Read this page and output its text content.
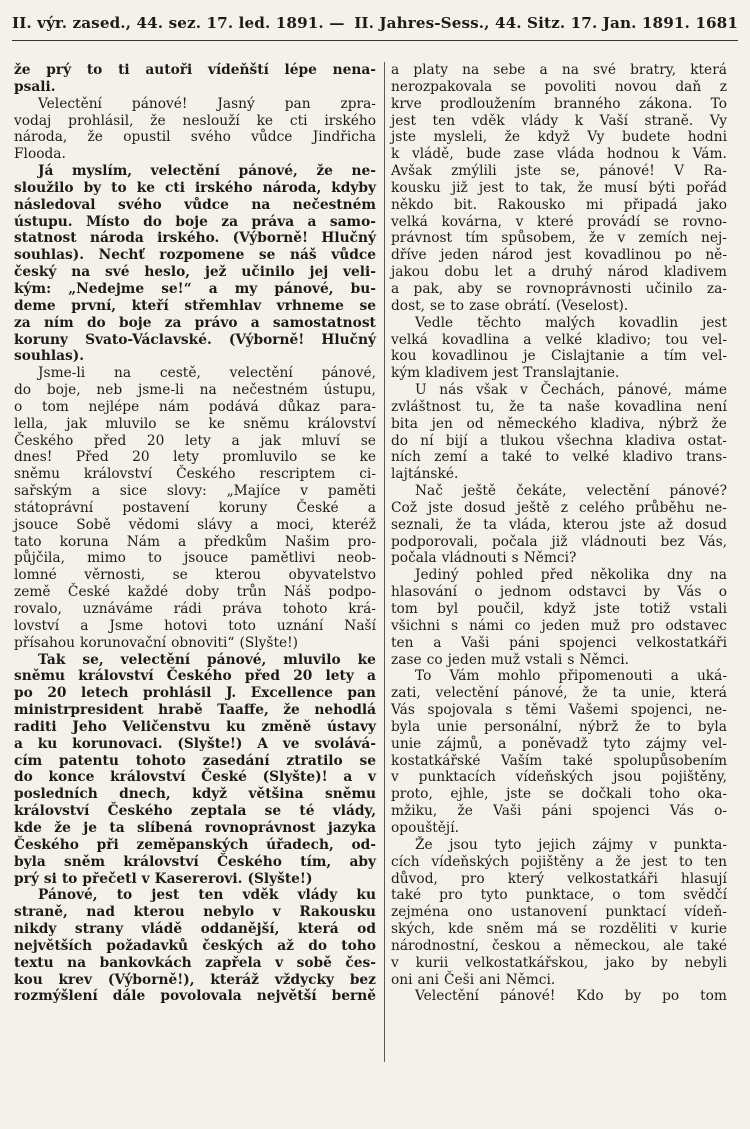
II. výr. zased., 44. sez. 17. led. 1891. — II. Jahres-Sess., 44. Sitz. 17. Jan. 1891. 1681
že prý to ti autoři vídeňští lépe nena-
psali.
Velectění pánové! Jasný pan zpra-
vodaj prohlásil, že neslouží ke cti irského
národa, že opustil svého vůdce Jindřicha
Flooda.
Já myslím, velectění pánové, že ne-
sloužilo by to ke cti irského národa, kdyby
následoval svého vůdce na nečestném
ústupu. Místo do boje za práva a samo-
statnost národa irského. (Výborně! Hlučný
souhlas). Nechť rozpomene se náš vůdce
český na své heslo, jež učinilo jej veli-
kým: „Nedejme se!“ a my pánové, bu-
deme první, kteří střemhlav vrhneme se
za ním do boje za právo a samostatnost
koruny Svato-Václavské. (Výborně! Hlučný
souhlas).
Jsme-li na cestě, velectění pánové,
do boje, neb jsme-li na nečestném ústupu,
o tom nejlépe nám podává důkaz para-
lella, jak mluvilo se ke sněmu království
Českého před 20 lety a jak mluví se
dnes! Před 20 lety promluvilo se ke
sněmu království Českého rescriptem ci-
sařským a sice slovy: „Majíce v paměti
státoprávní postavení koruny České a
jsouce Sobě vědomi slávy a moci, kteréž
tato koruna Nám a předkům Našim pro-
půjčila, mimo to jsouce pamětlivi neob-
lomné věrnosti, se kterou obyvatelstvo
země České každé doby trůn Náš podpo-
rovalo, uznáváme rádi práva tohoto krá-
lovství a Jsme hotovi toto uznání Naší
přísahou korunovační obnoviti“ (Slyšte!)
Tak se, velectění pánové, mluvilo ke
sněmu království Českého před 20 lety a
po 20 letech prohlásil J. Excellence pan
ministrpresident hrabě Taaffe, že nehodlá
raditi Jeho Veličenstvu ku změně ústavy
a ku korunovaci. (Slyšte!) A ve svolává-
cím patentu tohoto zasedání ztratilo se
do konce království České (Slyšte)! a v
posledních dnech, když většina sněmu
království Českého zeptala se té vlády,
kde že je ta slíbená rovnoprávnost jazyka
Českého při zeměpanských úřadech, od-
byla sněm království Českého tím, aby
prý si to přečetl v Kasererovi. (Slyšte!)
Pánové, to jest ten vděk vlády ku
straně, nad kterou nebylo v Rakousku
nikdy strany vládě oddanější, která od
největších požadavků českých až do toho
textu na bankovkách zapřela v sobě čes-
kou krev (Výborně!), kteráž vždycky bez
rozmýšlení dále povolovala největší berně
a platy na sebe a na své bratry, která
nerozpakovala se povoliti novou daň z
krve prodloužením branného zákona. To
jest ten vděk vlády k Vaší straně. Vy
jste mysleli, že když Vy budete hodni
k vládě, bude zase vláda hodnou k Vám.
Avšak zmýlili jste se, pánové! V Ra-
kousku již jest to tak, že musí býti pořád
někdo bit. Rakousko mi připadá jako
velká kovárna, v které provádí se rovno-
právnost tím spůsobem, že v zemích nej-
dříve jeden národ jest kovadlinou po ně-
jakou dobu let a druhý národ kladivem
a pak, aby se rovnoprávnosti učinilo za-
dost, se to zase obrátí. (Veselost).
Vedle těchto malých kovadlin jest
velká kovadlina a velké kladivo; tou vel-
kou kovadlinou je Cislajtanie a tím vel-
kým kladivem jest Translajtanie.
U nás však v Čechách, pánové, máme
zvláštnost tu, že ta naše kovadlina není
bita jen od německého kladiva, nýbrž že
do ní bijí a tlukou všechna kladiva ostat-
ních zemí a také to velké kladivo trans-
lajtánské.
Nač ještě čekáte, velectění pánové?
Což jste dosud ještě z celého průběhu ne-
seznali, že ta vláda, kterou jste až dosud
podporovali, počala již vládnouti bez Vás,
počala vládnouti s Němci?
Jediný pohled před několika dny na
hlasování o jednom odstavci by Vás o
tom byl poučil, když jste totiž vstali
všichni s námi co jeden muž pro odstavec
ten a Vaši páni spojenci velkostatkáři
zase co jeden muž vstali s Němci.
To Vám mohlo připomenouti a uká-
zati, velectění pánové, že ta unie, která
Vás spojovala s těmi Vašemi spojenci, ne-
byla unie personální, nýbrž že to byla
unie zájmů, a poněvadž tyto zájmy vel-
kostatkářské Vaším také spolupůsobením
v punktacích vídeňských jsou pojištěny,
proto, ejhle, jste se dočkali toho oka-
mžiku, že Vaši páni spojenci Vás o-
opouštějí.
Že jsou tyto jejich zájmy v punkta-
cích vídeňských pojištěny a že jest to ten
důvod, pro který velkostatkáři hlasují
také pro tyto punktace, o tom svědčí
zejména ono ustanovení punktací vídeň-
ských, kde sněm má se rozděliti v kurie
národnostní, českou a německou, ale také
v kurii velkostatkářskou, jako by nebyli
oni ani Češi ani Němci.
Velectění pánové! Kdo by po tom
